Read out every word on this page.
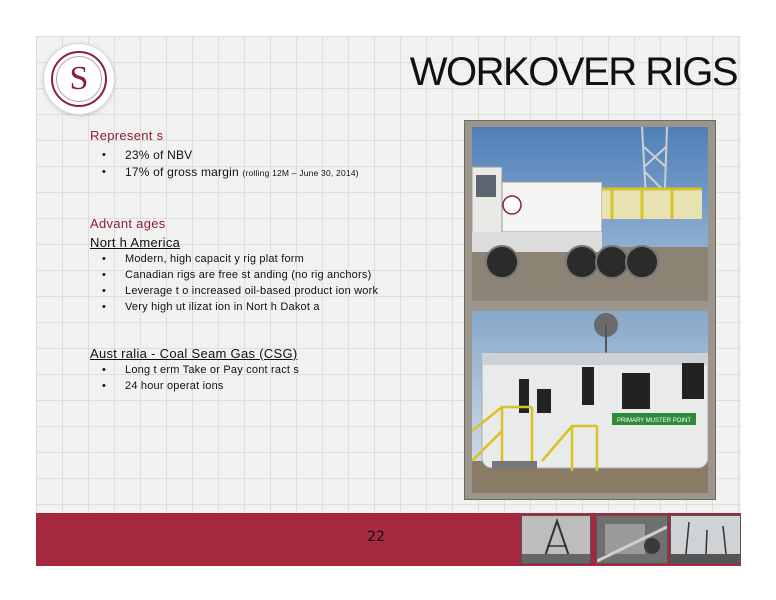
S	WORKOVER RIGS
Represent s
• 23% of NBV
• 17% of gross margin (rolling 12M – June 30, 2014)
Advant ages
Nort h America
• Modern, high capacit y rig plat form
• Canadian rigs are free st anding (no rig anchors)
• Leverage t o increased oil-based product ion work
• Very high ut ilizat ion in Nort h Dakot a
Aust ralia - Coal Seam Gas (CSG)
• Long t erm Take or Pay cont ract s
• 24 hour operat ions
PRIMARY MUSTER POINT
22
